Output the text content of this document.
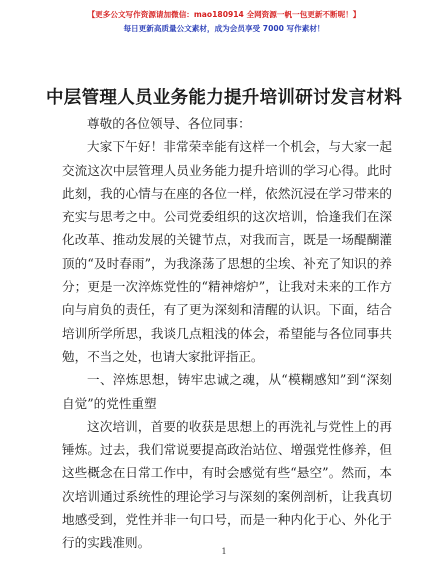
【更多公文写作资源请加微信：mao180914 全网资源一帆一包更新不断呢！】
每日更新高质量公文素材，成为会员享受 7000 写作素材！
中层管理人员业务能力提升培训研讨发言材料

尊敬的各位领导、各位同事：

大家下午好！非常荣幸能有这样一个机会，与大家一起交流这次中层管理人员业务能力提升培训的学习心得。此时此刻，我的心情与在座的各位一样，依然沉浸在学习带来的充实与思考之中。公司党委组织的这次培训，恰逢我们在深化改革、推动发展的关键节点，对我而言，既是一场醍醐灌顶的“及时春雨”，为我涤荡了思想的尘埃、补充了知识的养分；更是一次淬炼党性的“精神熔炉”，让我对未来的工作方向与肩负的责任，有了更为深刻和清醒的认识。下面，结合培训所学所思，我谈几点粗浅的体会，希望能与各位同事共勉，不当之处，也请大家批评指正。

一、淬炼思想，铸牢忠诚之魂，从“模糊感知”到“深刻自觉”的党性重塑

这次培训，首要的收获是思想上的再洗礼与党性上的再锤炼。过去，我们常说要提高政治站位、增强党性修养，但这些概念在日常工作中，有时会感觉有些“悬空”。然而，本次培训通过系统性的理论学习与深刻的案例剖析，让我真切地感受到，党性并非一句口号，而是一种内化于心、外化于行的实践准则。

1
